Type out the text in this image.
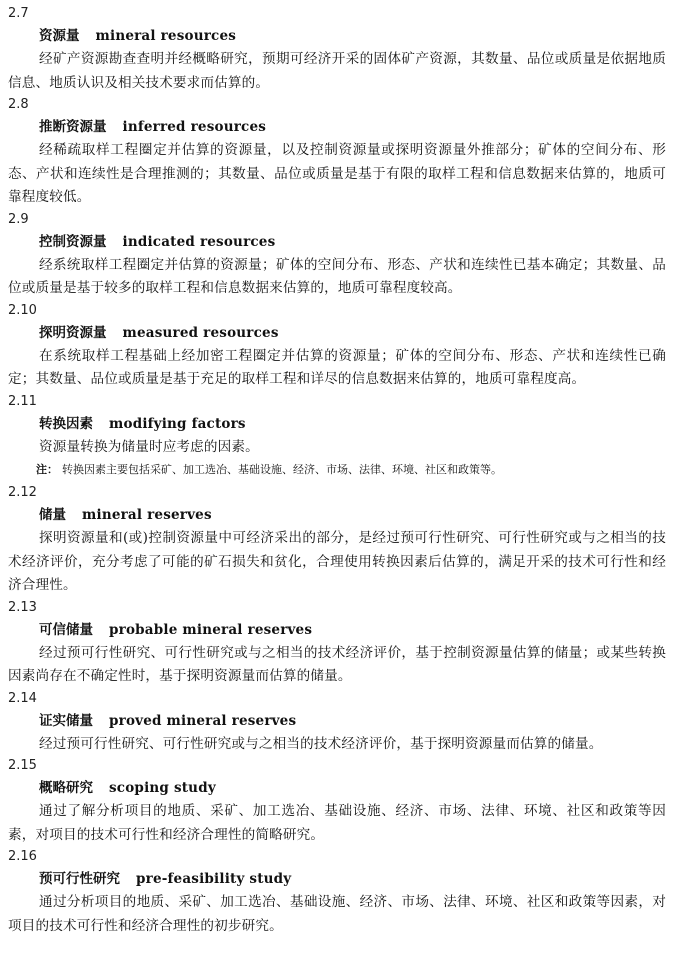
2.7
资源量 mineral resources

经矿产资源勘查查明并经概略研究，预期可经济开采的固体矿产资源，其数量、品位或质量是依据地质信息、地质认识及相关技术要求而估算的。

2.8
推断资源量 inferred resources

经稀疏取样工程圈定并估算的资源量，以及控制资源量或探明资源量外推部分；矿体的空间分布、形态、产状和连续性是合理推测的；其数量、品位或质量是基于有限的取样工程和信息数据来估算的，地质可靠程度较低。

2.9
控制资源量 indicated resources

经系统取样工程圈定并估算的资源量；矿体的空间分布、形态、产状和连续性已基本确定；其数量、品位或质量是基于较多的取样工程和信息数据来估算的，地质可靠程度较高。

2.10
探明资源量 measured resources

在系统取样工程基础上经加密工程圈定并估算的资源量；矿体的空间分布、形态、产状和连续性已确定；其数量、品位或质量是基于充足的取样工程和详尽的信息数据来估算的，地质可靠程度高。

2.11
转换因素 modifying factors

资源量转换为储量时应考虑的因素。

注： 转换因素主要包括采矿、加工选冶、基础设施、经济、市场、法律、环境、社区和政策等。
2.12
储量 mineral reserves

探明资源量和(或)控制资源量中可经济采出的部分，是经过预可行性研究、可行性研究或与之相当的技术经济评价，充分考虑了可能的矿石损失和贫化，合理使用转换因素后估算的，满足开采的技术可行性和经济合理性。

2.13
可信储量 probable mineral reserves

经过预可行性研究、可行性研究或与之相当的技术经济评价，基于控制资源量估算的储量；或某些转换因素尚存在不确定性时，基于探明资源量而估算的储量。

2.14
证实储量 proved mineral reserves

经过预可行性研究、可行性研究或与之相当的技术经济评价，基于探明资源量而估算的储量。

2.15
概略研究 scoping study

通过了解分析项目的地质、采矿、加工选冶、基础设施、经济、市场、法律、环境、社区和政策等因素，对项目的技术可行性和经济合理性的简略研究。

2.16
预可行性研究 pre-feasibility study

通过分析项目的地质、采矿、加工选冶、基础设施、经济、市场、法律、环境、社区和政策等因素，对项目的技术可行性和经济合理性的初步研究。
